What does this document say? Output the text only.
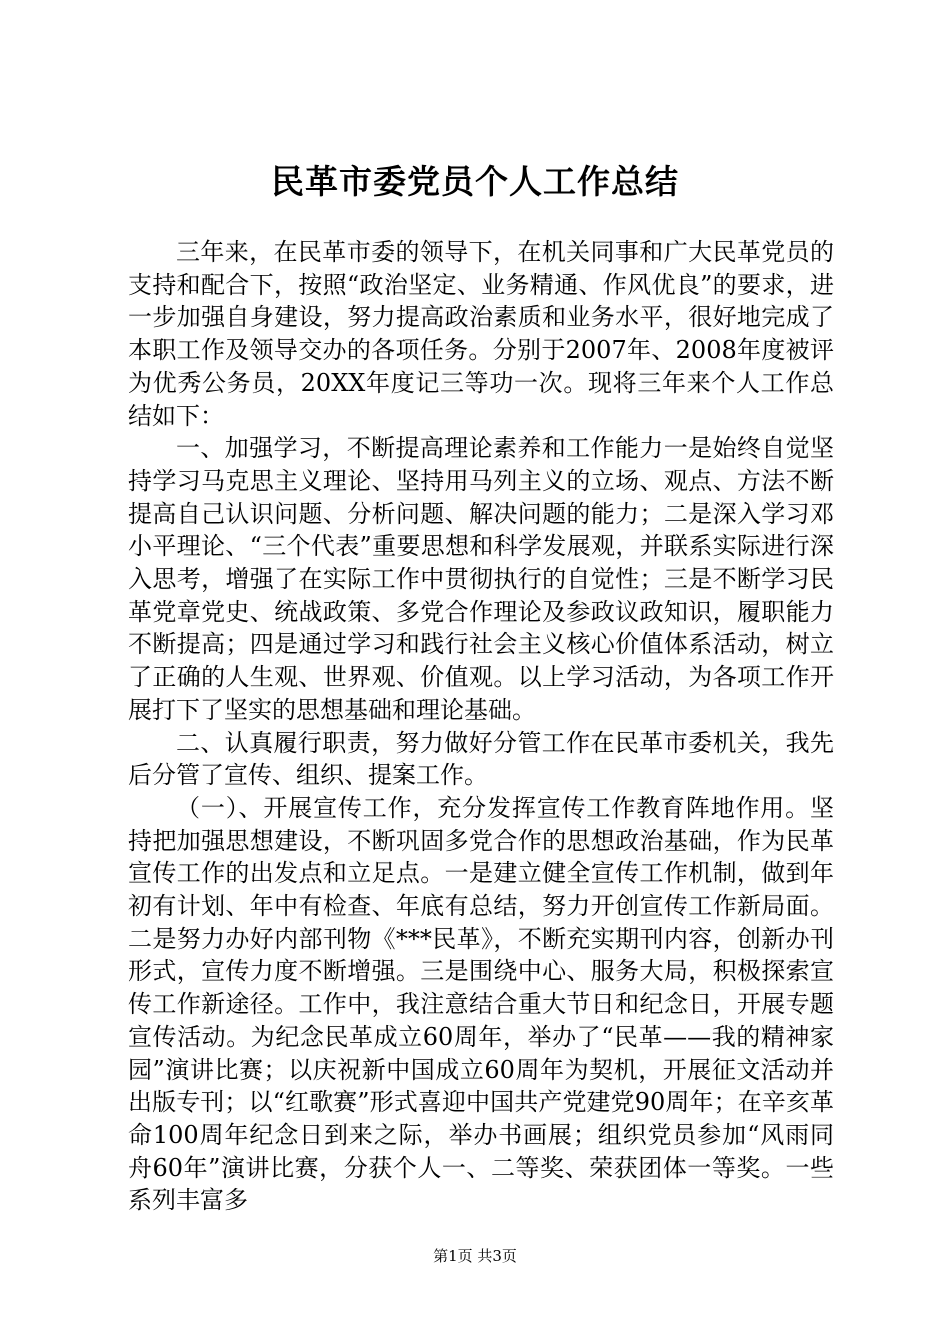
民革市委党员个人工作总结

三年来，在民革市委的领导下，在机关同事和广大民革党员的支持和配合下，按照“政治坚定、业务精通、作风优良”的要求，进一步加强自身建设，努力提高政治素质和业务水平，很好地完成了本职工作及领导交办的各项任务。分别于2007年、2008年度被评为优秀公务员，20XX年度记三等功一次。现将三年来个人工作总结如下：

一、加强学习，不断提高理论素养和工作能力一是始终自觉坚持学习马克思主义理论、坚持用马列主义的立场、观点、方法不断提高自己认识问题、分析问题、解决问题的能力；二是深入学习邓小平理论、“三个代表”重要思想和科学发展观，并联系实际进行深入思考，增强了在实际工作中贯彻执行的自觉性；三是不断学习民革党章党史、统战政策、多党合作理论及参政议政知识，履职能力不断提高；四是通过学习和践行社会主义核心价值体系活动，树立了正确的人生观、世界观、价值观。以上学习活动，为各项工作开展打下了坚实的思想基础和理论基础。

二、认真履行职责，努力做好分管工作在民革市委机关，我先后分管了宣传、组织、提案工作。

（一）、开展宣传工作，充分发挥宣传工作教育阵地作用。坚持把加强思想建设，不断巩固多党合作的思想政治基础，作为民革宣传工作的出发点和立足点。一是建立健全宣传工作机制，做到年初有计划、年中有检查、年底有总结，努力开创宣传工作新局面。二是努力办好内部刊物《***民革》，不断充实期刊内容，创新办刊形式，宣传力度不断增强。三是围绕中心、服务大局，积极探索宣传工作新途径。工作中，我注意结合重大节日和纪念日，开展专题宣传活动。为纪念民革成立60周年，举办了“民革——我的精神家园”演讲比赛；以庆祝新中国成立60周年为契机，开展征文活动并出版专刊；以“红歌赛”形式喜迎中国共产党建党90周年；在辛亥革命100周年纪念日到来之际，举办书画展；组织党员参加“风雨同舟60年”演讲比赛，分获个人一、二等奖、荣获团体一等奖。一些系列丰富多

第1页 共3页
